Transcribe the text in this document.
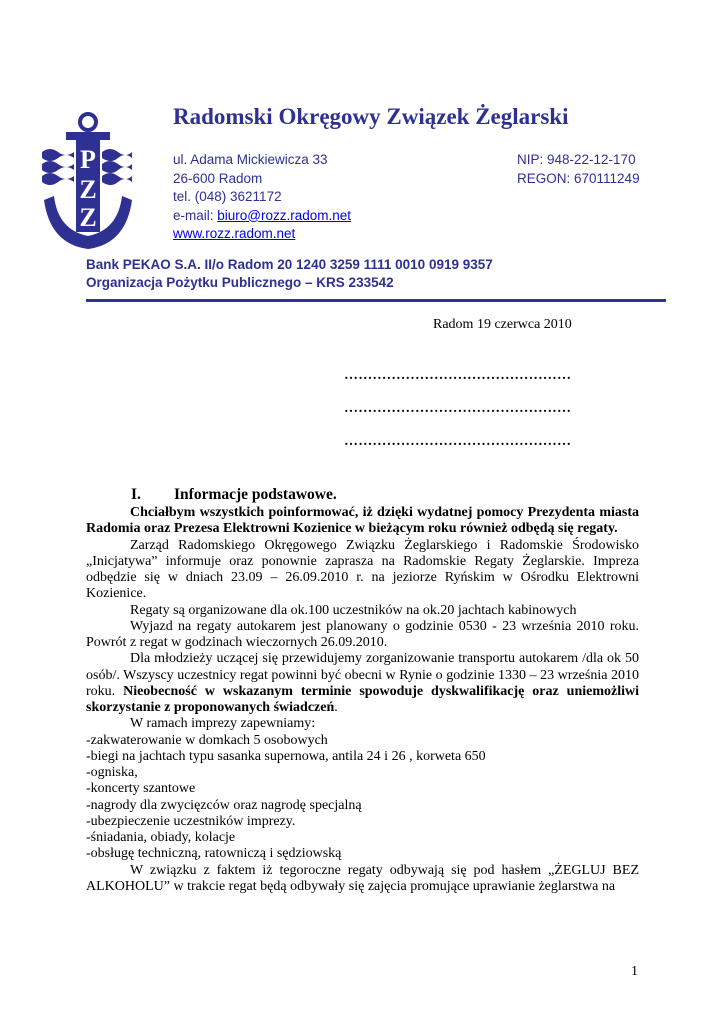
P
Z
Z
Radomski Okręgowy Związek Żeglarski
ul. Adama Mickiewicza 33
26-600 Radom
tel. (048) 3621172
e-mail: biuro@rozz.radom.net
www.rozz.radom.net
NIP: 948-22-12-170
REGON: 670111249
Bank PEKAO S.A. II/o Radom 20 1240 3259 1111 0010 0919 9357
Organizacja Pożytku Publicznego – KRS 233542
Radom 19 czerwca 2010
…………………………………………
…………………………………………
…………………………………………
I. Informacje podstawowe.

Chciałbym wszystkich poinformować, iż dzięki wydatnej pomocy Prezydenta miasta Radomia oraz Prezesa Elektrowni Kozienice w bieżącym roku również odbędą się regaty.

Zarząd Radomskiego Okręgowego Związku Żeglarskiego i Radomskie Środowisko „Inicjatywa” informuje oraz ponownie zaprasza na Radomskie Regaty Żeglarskie. Impreza odbędzie się w dniach 23.09 – 26.09.2010 r. na jeziorze Ryńskim w Ośrodku Elektrowni Kozienice.

Regaty są organizowane dla ok.100 uczestników na ok.20 jachtach kabinowych

Wyjazd na regaty autokarem jest planowany o godzinie 0530 - 23 września 2010 roku. Powrót z regat w godzinach wieczornych 26.09.2010.

Dla młodzieży uczącej się przewidujemy zorganizowanie transportu autokarem /dla ok 50 osób/. Wszyscy uczestnicy regat powinni być obecni w Rynie o godzinie 1330 – 23 września 2010 roku. Nieobecność w wskazanym terminie spowoduje dyskwalifikację oraz uniemożliwi skorzystanie z proponowanych świadczeń.

W ramach imprezy zapewniamy:

-zakwaterowanie w domkach 5 osobowych

-biegi na jachtach typu sasanka supernowa, antila 24 i 26 , korweta 650

-ogniska,

-koncerty szantowe

-nagrody dla zwycięzców oraz nagrodę specjalną

-ubezpieczenie uczestników imprezy.

-śniadania, obiady, kolacje

-obsługę techniczną, ratowniczą i sędziowską

W związku z faktem iż tegoroczne regaty odbywają się pod hasłem „ŻEGLUJ BEZ ALKOHOLU” w trakcie regat będą odbywały się zajęcia promujące uprawianie żeglarstwa na

1
